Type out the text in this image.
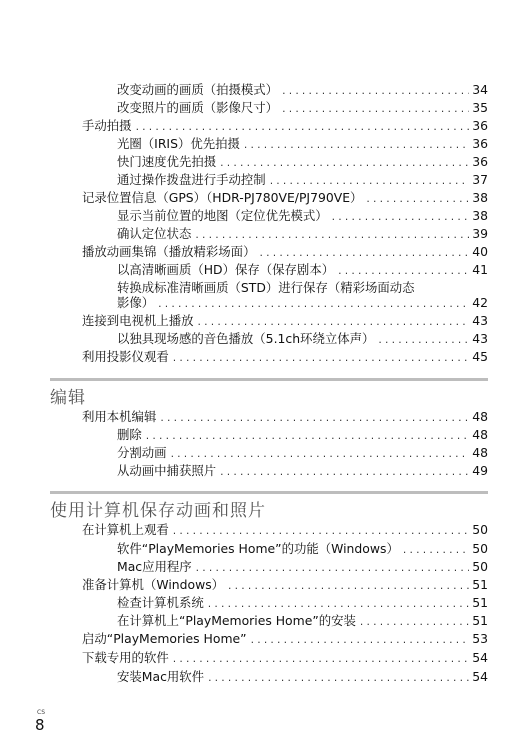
改变动画的画质（拍摄模式） .....	34
改变照片的画质（影像尺寸） .....	35
手动拍摄 .....	36
光圈（IRIS）优先拍摄 .....	36
快门速度优先拍摄 .....	36
通过操作拨盘进行手动控制 .....	37
记录位置信息（GPS）（HDR-PJ780VE/PJ790VE） .....	38
显示当前位置的地图（定位优先模式） .....	38
确认定位状态 .....	39
播放动画集锦（播放精彩场面） .....	40
以高清晰画质（HD）保存（保存剧本） .....	41
转换成标准清晰画质（STD）进行保存（精彩场面动态
影像） .....	42
连接到电视机上播放 .....	43
以独具现场感的音色播放（5.1ch环绕立体声） .....	43
利用投影仪观看 .....	45
编辑
利用本机编辑 .....	48
删除 .....	48
分割动画 .....	48
从动画中捕获照片 .....	49
使用计算机保存动画和照片
在计算机上观看 .....	50
软件“PlayMemories Home”的功能（Windows） .....	50
Mac应用程序 .....	50
准备计算机（Windows） .....	51
检查计算机系统 .....	51
在计算机上“PlayMemories Home”的安装 .....	51
启动“PlayMemories Home” .....	53
下载专用的软件 .....	54
安装Mac用软件 .....	54
CS
8
